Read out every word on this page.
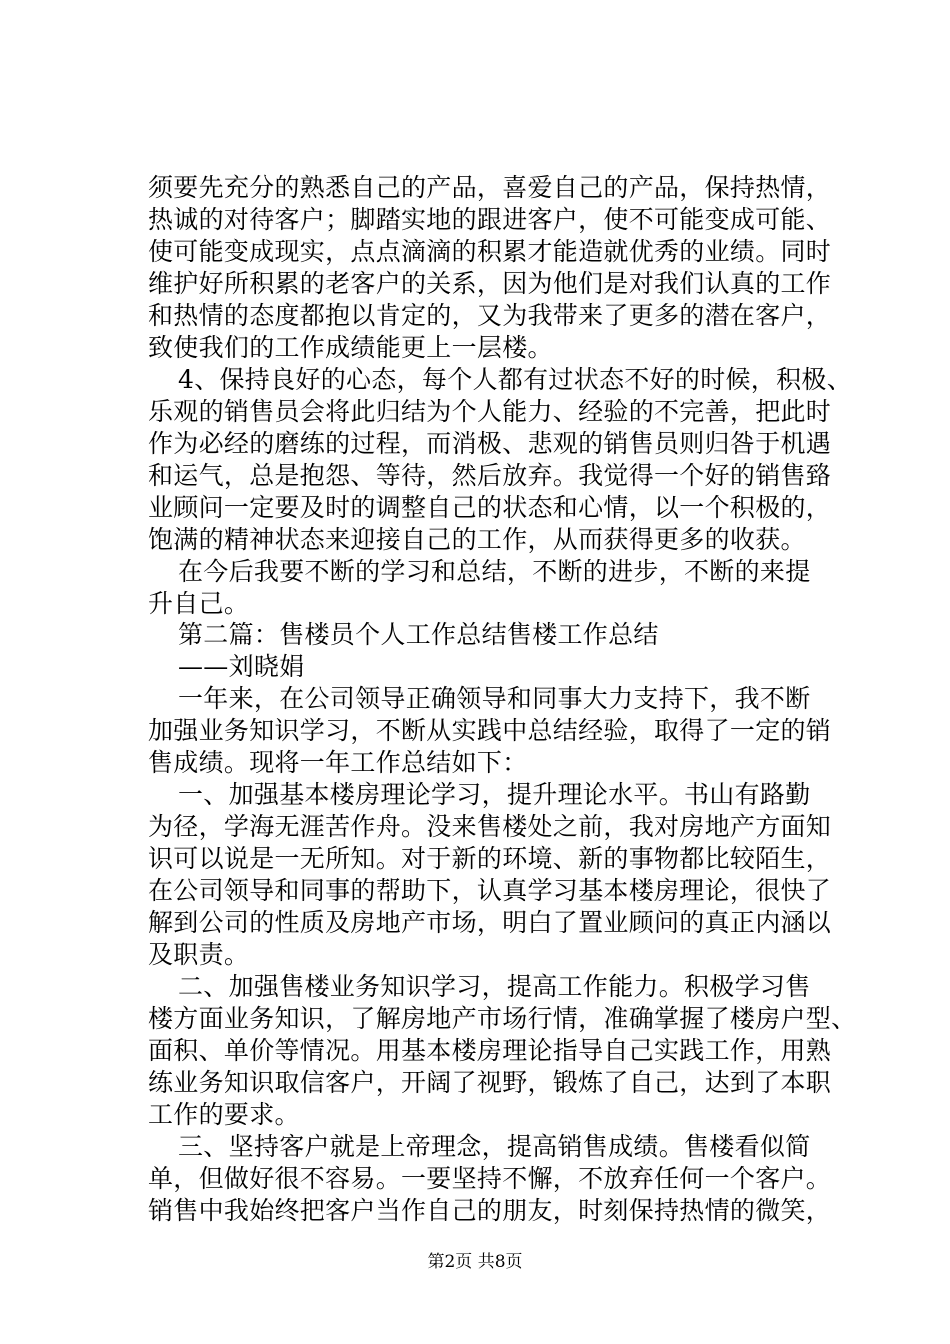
须要先充分的熟悉自己的产品，喜爱自己的产品，保持热情，
热诚的对待客户；脚踏实地的跟进客户，使不可能变成可能、
使可能变成现实，点点滴滴的积累才能造就优秀的业绩。同时
维护好所积累的老客户的关系，因为他们是对我们认真的工作
和热情的态度都抱以肯定的，又为我带来了更多的潜在客户，
致使我们的工作成绩能更上一层楼。
4、保持良好的心态，每个人都有过状态不好的时候，积极、
乐观的销售员会将此归结为个人能力、经验的不完善，把此时
作为必经的磨练的过程，而消极、悲观的销售员则归咎于机遇
和运气，总是抱怨、等待，然后放弃。我觉得一个好的销售臵
业顾问一定要及时的调整自己的状态和心情，以一个积极的，
饱满的精神状态来迎接自己的工作，从而获得更多的收获。
在今后我要不断的学习和总结，不断的进步，不断的来提
升自己。
第二篇：售楼员个人工作总结售楼工作总结
——刘晓娟
一年来，在公司领导正确领导和同事大力支持下，我不断
加强业务知识学习，不断从实践中总结经验，取得了一定的销
售成绩。现将一年工作总结如下：
一、加强基本楼房理论学习，提升理论水平。书山有路勤
为径，学海无涯苦作舟。没来售楼处之前，我对房地产方面知
识可以说是一无所知。对于新的环境、新的事物都比较陌生，
在公司领导和同事的帮助下，认真学习基本楼房理论，很快了
解到公司的性质及房地产市场，明白了置业顾问的真正内涵以
及职责。
二、加强售楼业务知识学习，提高工作能力。积极学习售
楼方面业务知识，了解房地产市场行情，准确掌握了楼房户型、
面积、单价等情况。用基本楼房理论指导自己实践工作，用熟
练业务知识取信客户，开阔了视野，锻炼了自己，达到了本职
工作的要求。
三、坚持客户就是上帝理念，提高销售成绩。售楼看似简
单，但做好很不容易。一要坚持不懈，不放弃任何一个客户。
销售中我始终把客户当作自己的朋友，时刻保持热情的微笑，
第2页 共8页
